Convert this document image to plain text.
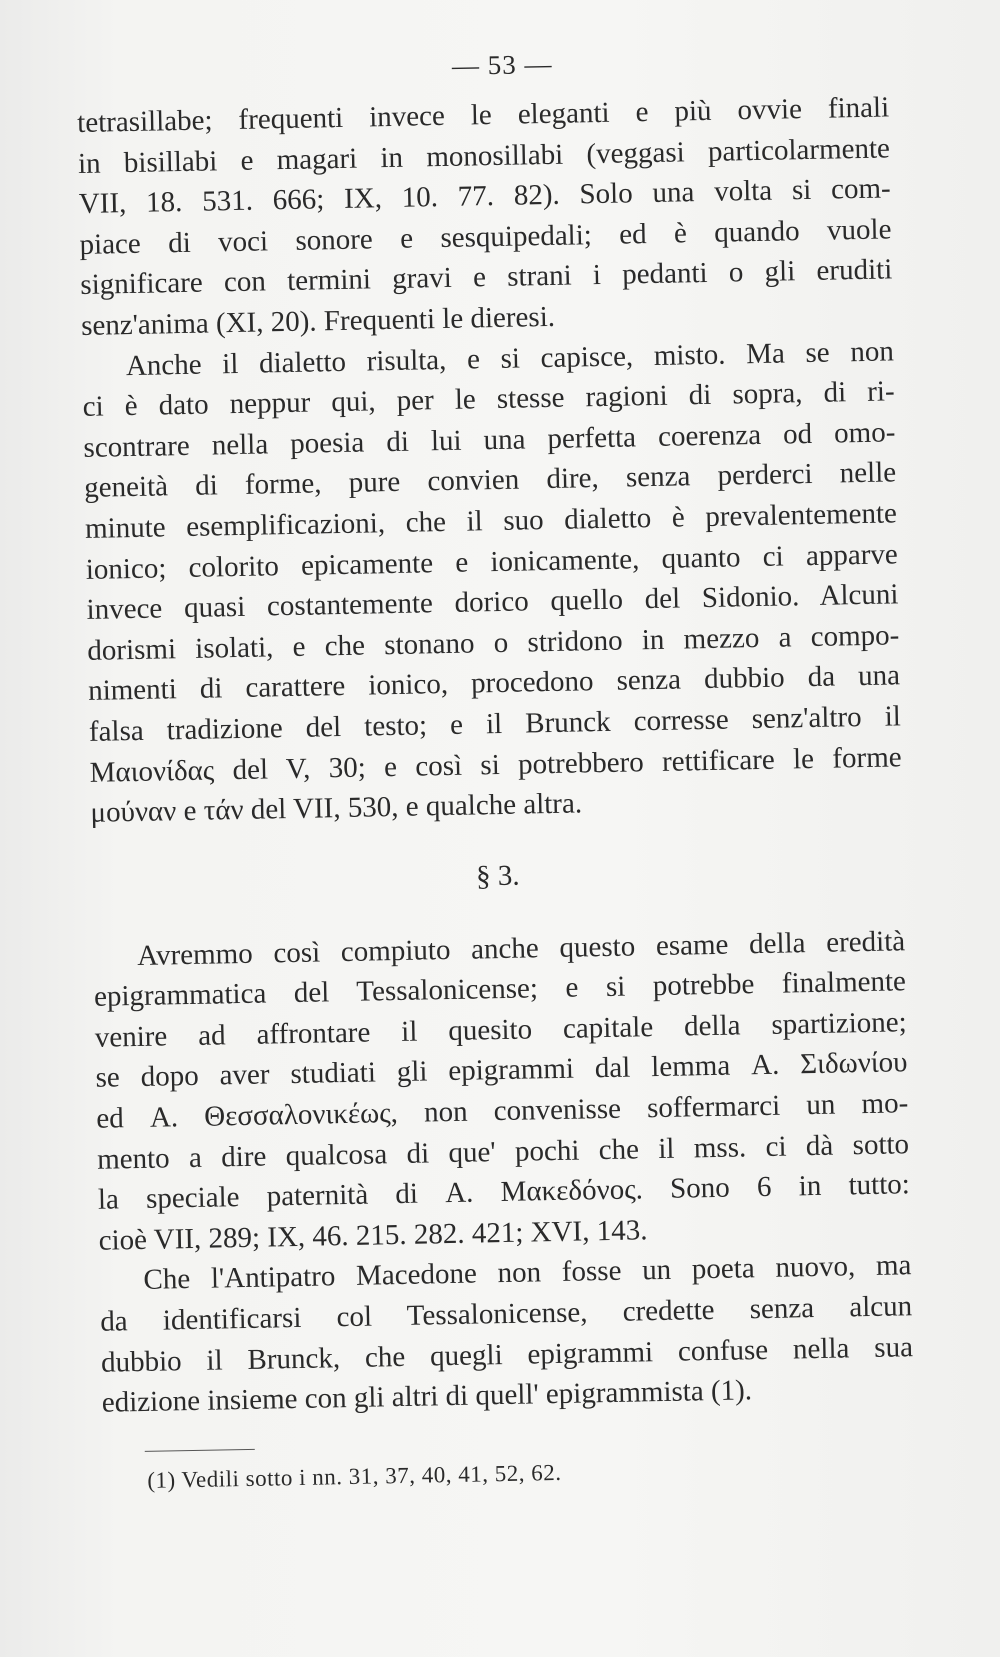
— 53 —

tetrasillabe; frequenti invece le eleganti e più ovvie finali

in bisillabi e magari in monosillabi (veggasi particolarmente

VII, 18. 531. 666; IX, 10. 77. 82). Solo una volta si com-

piace di voci sonore e sesquipedali; ed è quando vuole

significare con termini gravi e strani i pedanti o gli eruditi

senz'anima (XI, 20). Frequenti le dieresi.

Anche il dialetto risulta, e si capisce, misto. Ma se non

ci è dato neppur qui, per le stesse ragioni di sopra, di ri-

scontrare nella poesia di lui una perfetta coerenza od omo-

geneità di forme, pure convien dire, senza perderci nelle

minute esemplificazioni, che il suo dialetto è prevalentemente

ionico; colorito epicamente e ionicamente, quanto ci apparve

invece quasi costantemente dorico quello del Sidonio. Alcuni

dorismi isolati, e che stonano o stridono in mezzo a compo-

nimenti di carattere ionico, procedono senza dubbio da una

falsa tradizione del testo; e il Brunck corresse senz'altro il

Μαιονίδας del V, 30; e così si potrebbero rettificare le forme

μούναν e τάν del VII, 530, e qualche altra.

§ 3.

Avremmo così compiuto anche questo esame della eredità

epigrammatica del Tessalonicense; e si potrebbe finalmente

venire ad affrontare il quesito capitale della spartizione;

se dopo aver studiati gli epigrammi dal lemma Α. Σιδωνίου

ed Α. Θεσσαλονικέως, non convenisse soffermarci un mo-

mento a dire qualcosa di que' pochi che il mss. ci dà sotto

la speciale paternità di Α. Μακεδόνος. Sono 6 in tutto:

cioè VII, 289; IX, 46. 215. 282. 421; XVI, 143.

Che l'Antipatro Macedone non fosse un poeta nuovo, ma

da identificarsi col Tessalonicense, credette senza alcun

dubbio il Brunck, che quegli epigrammi confuse nella sua

edizione insieme con gli altri di quell' epigrammista (1).

(1) Vedili sotto i nn. 31, 37, 40, 41, 52, 62.
